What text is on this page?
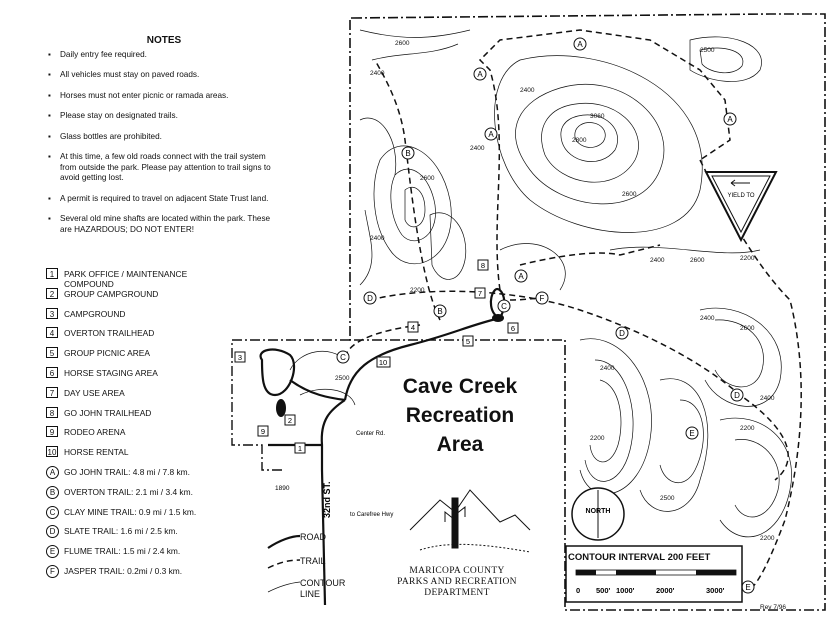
A
A
A
A
A
B
B
D
D
D
C
C
F
E
E
3
2
9
1
4
5
6
7
8
10
2600
2400
2400
2400
2500
3060
2800
2600
2600
2400
2200
2400	2600
2400
2200
2500
2400
2200
2500
2600
2400
2200
2200
YIELD TO
NORTH
32nd ST.
1890
Center Rd.
to Carefree Hwy
0 500' 1000'	2000'	3000'
NOTES
▪ Daily entry fee required.
▪ All vehicles must stay on paved roads.
▪ Horses must not enter picnic or ramada areas.
▪ Please stay on designated trails.
▪ Glass bottles are prohibited.
▪ At this time, a few old roads connect with the trail system from outside the park. Please pay attention to trail signs to avoid getting lost.
▪ A permit is required to travel on adjacent State Trust land.
▪ Several old mine shafts are located within the park. These are HAZARDOUS; DO NOT ENTER!
1	PARK OFFICE / MAINTENANCE COMPOUND
2	GROUP CAMPGROUND
3	CAMPGROUND
4	OVERTON TRAILHEAD
5	GROUP PICNIC AREA
6	HORSE STAGING AREA
7	DAY USE AREA
8	GO JOHN TRAILHEAD
9	RODEO ARENA
10 HORSE RENTAL
A	GO JOHN TRAIL: 4.8 mi / 7.8 km.
B	OVERTON TRAIL: 2.1 mi / 3.4 km.
C	CLAY MINE TRAIL: 0.9 mi / 1.5 km.
D	SLATE TRAIL: 1.6 mi / 2.5 km.
E	FLUME TRAIL: 1.5 mi / 2.4 km.
F	JASPER TRAIL: 0.2mi / 0.3 km.
Cave Creek
Recreation
Area
ROAD
TRAIL
CONTOUR LINE
CONTOUR INTERVAL 200 FEET
MARICOPA COUNTY
PARKS AND RECREATION
DEPARTMENT
Rev 7/96
